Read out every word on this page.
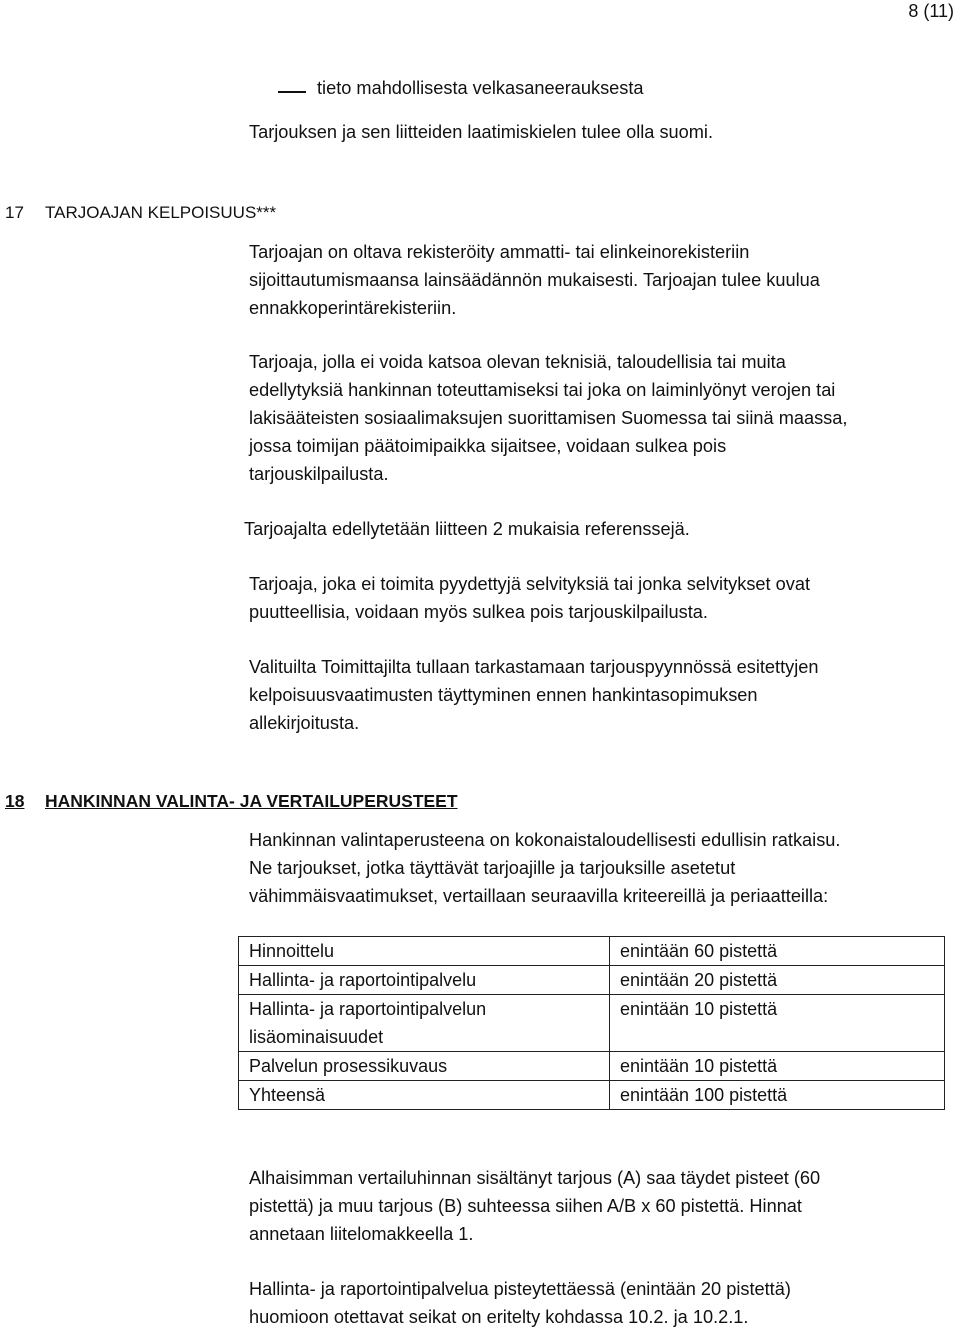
8 (11)
tieto mahdollisesta velkasaneerauksesta
Tarjouksen ja sen liitteiden laatimiskielen tulee olla suomi.
17 TARJOAJAN KELPOISUUS***
Tarjoajan on oltava rekisteröity ammatti- tai elinkeinorekisteriin
sijoittautumismaansa lainsäädännön mukaisesti. Tarjoajan tulee kuulua
ennakkoperintärekisteriin.
Tarjoaja, jolla ei voida katsoa olevan teknisiä, taloudellisia tai muita
edellytyksiä hankinnan toteuttamiseksi tai joka on laiminlyönyt verojen tai
lakisääteisten sosiaalimaksujen suorittamisen Suomessa tai siinä maassa,
jossa toimijan päätoimipaikka sijaitsee, voidaan sulkea pois
tarjouskilpailusta.
Tarjoajalta edellytetään liitteen 2 mukaisia referenssejä.
Tarjoaja, joka ei toimita pyydettyjä selvityksiä tai jonka selvitykset ovat
puutteellisia, voidaan myös sulkea pois tarjouskilpailusta.
Valituilta Toimittajilta tullaan tarkastamaan tarjouspyynnössä esitettyjen
kelpoisuusvaatimusten täyttyminen ennen hankintasopimuksen
allekirjoitusta.
18 HANKINNAN VALINTA- JA VERTAILUPERUSTEET
Hankinnan valintaperusteena on kokonaistaloudellisesti edullisin ratkaisu.
Ne tarjoukset, jotka täyttävät tarjoajille ja tarjouksille asetetut
vähimmäisvaatimukset, vertaillaan seuraavilla kriteereillä ja periaatteilla:
Hinnoittelu	enintään 60 pistettä
Hallinta- ja raportointipalvelu	enintään 20 pistettä
Hallinta- ja raportointipalvelun lisäominaisuudet	enintään 10 pistettä
Palvelun prosessikuvaus	enintään 10 pistettä
Yhteensä	enintään 100 pistettä
Alhaisimman vertailuhinnan sisältänyt tarjous (A) saa täydet pisteet (60
pistettä) ja muu tarjous (B) suhteessa siihen A/B x 60 pistettä. Hinnat
annetaan liitelomakkeella 1.
Hallinta- ja raportointipalvelua pisteytettäessä (enintään 20 pistettä)
huomioon otettavat seikat on eritelty kohdassa 10.2. ja 10.2.1.
